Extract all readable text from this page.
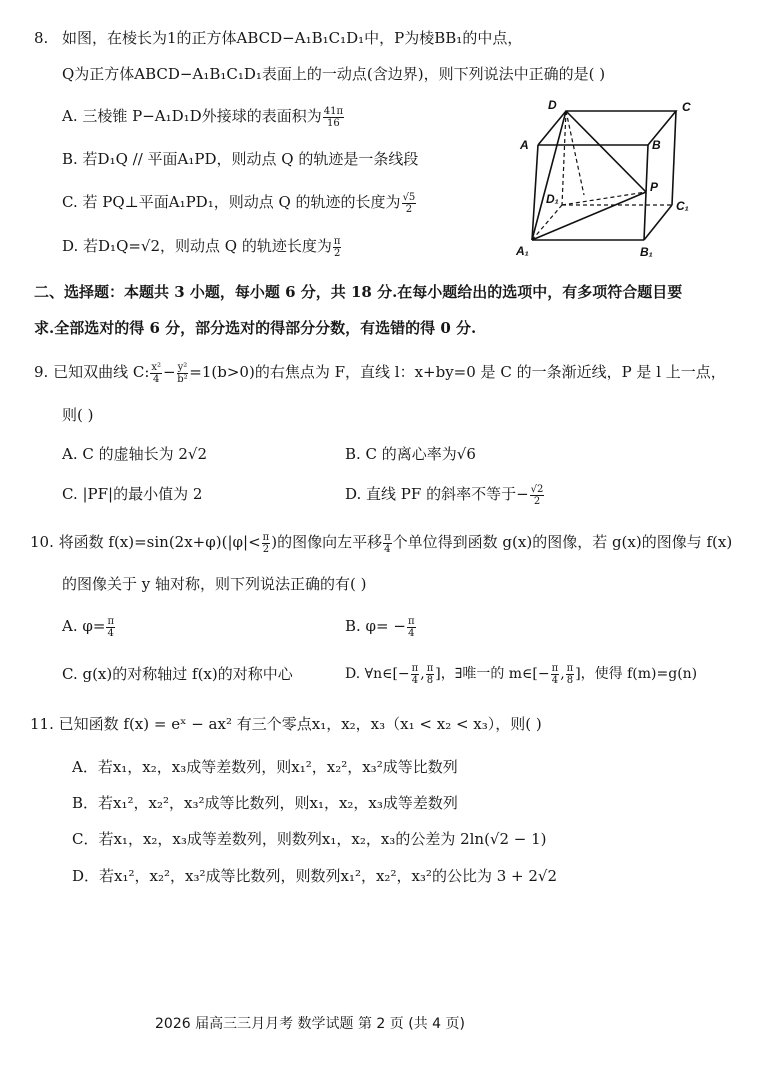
8. 如图，在棱长为1的正方体ABCD−A₁B₁C₁D₁中，P为棱BB₁的中点，
Q为正方体ABCD−A₁B₁C₁D₁表面上的一动点(含边界)，则下列说法中正确的是( )
A. 三棱锥 P−A₁D₁D外接球的表面积为 $\frac{41\pi}{16}$
B. 若D₁Q // 平面A₁PD，则动点 Q 的轨迹是一条线段
C. 若 PQ⊥平面A₁PD₁，则动点 Q 的轨迹的长度为 $\frac{√5}{2}$
D. 若D₁Q=√2，则动点 Q 的轨迹长度为 $\frac{\pi}{2}$
D	C
A	B
P
D₁	C₁
A₁	B₁
二、选择题：本题共 3 小题，每小题 6 分，共 18 分.在每小题给出的选项中，有多项符合题目要
求.全部选对的得 6 分，部分选对的得部分分数，有选错的得 0 分.
9. 已知双曲线 C: $\frac{\text{x²}}{4} - \frac{\text{y²}}{\text{b²}} =1(b>0)$的右焦点为 F，直线 l：x+by=0 是 C 的一条渐近线，P 是 l 上一点，
则( )
A. C 的虚轴长为 2√2	B. C 的离心率为√6
C. |PF|的最小值为 2	D. 直线 PF 的斜率不等于− $\frac{√2}{2}$
10. 将函数 $f(x)=\sin(2x+\varphi)(|\varphi|< \frac{\pi}{2}$ )的图像向左平移 $\frac{\pi}{4}$ 个单位得到函数 g(x)的图像，若 g(x)的图像与 f(x)
的图像关于 y 轴对称，则下列说法正确的有( )
A. $\varphi= \frac{\pi}{4}$	B. $\varphi= - \frac{\pi}{4}$
C. g(x)的对称轴过 f(x)的对称中心	D. ∀n∈[− $\frac{\pi}{4}$ , $\frac{\pi}{8}$ ]，∃唯一的 m∈[− $\frac{\pi}{4}$ , $\frac{\pi}{8}$ ]，使得 f(m)=g(n)
11. 已知函数 f(x) = eˣ − ax² 有三个零点x₁，x₂，x₃（x₁ < x₂ < x₃），则( )
A．若x₁，x₂，x₃成等差数列，则x₁²，x₂²，x₃²成等比数列
B．若x₁²，x₂²，x₃²成等比数列，则x₁，x₂，x₃成等差数列
C．若x₁，x₂，x₃成等差数列，则数列x₁，x₂，x₃的公差为 2ln(√2 − 1)
D．若x₁²，x₂²，x₃²成等比数列，则数列x₁²，x₂²，x₃²的公比为 3 + 2√2
2026 届高三三月月考 数学试题 第 2 页 (共 4 页)
